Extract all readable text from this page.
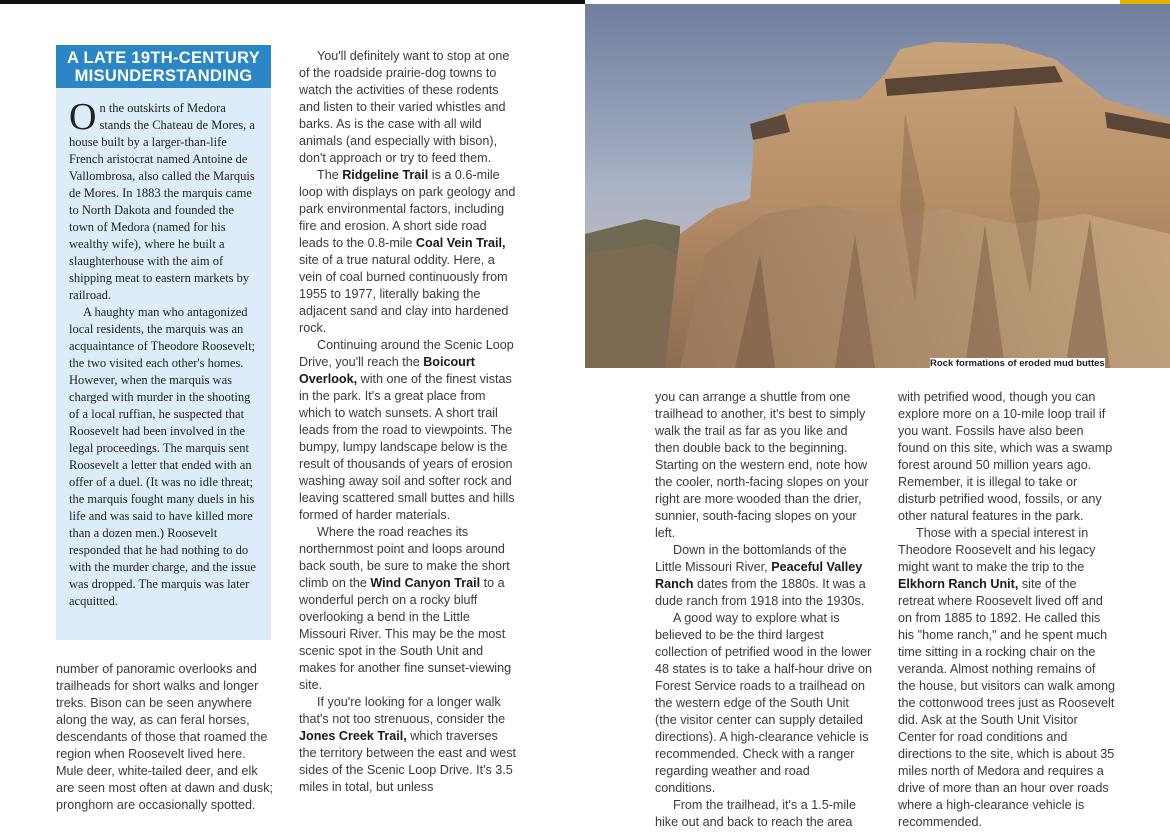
A LATE 19TH-CENTURY
MISUNDERSTANDING

On the outskirts of Medora stands the Chateau de Mores, a house built by a larger-than-life French aristocrat named Antoine de Vallombrosa, also called the Marquis de Mores. In 1883 the marquis came to North Dakota and founded the town of Medora (named for his wealthy wife), where he built a slaughterhouse with the aim of shipping meat to eastern markets by railroad.

A haughty man who antagonized local residents, the marquis was an acquaintance of Theodore Roosevelt; the two visited each other's homes. However, when the marquis was charged with murder in the shooting of a local ruffian, he suspected that Roosevelt had been involved in the legal proceedings. The marquis sent Roosevelt a letter that ended with an offer of a duel. (It was no idle threat; the marquis fought many duels in his life and was said to have killed more than a dozen men.) Roosevelt responded that he had nothing to do with the murder charge, and the issue was dropped. The marquis was later acquitted.

number of panoramic overlooks and trailheads for short walks and longer treks. Bison can be seen anywhere along the way, as can feral horses, descendants of those that roamed the region when Roosevelt lived here. Mule deer, white-tailed deer, and elk are seen most often at dawn and dusk; pronghorn are occasionally spotted.

You'll definitely want to stop at one of the roadside prairie-dog towns to watch the activities of these rodents and listen to their varied whistles and barks. As is the case with all wild animals (and especially with bison), don't approach or try to feed them.

The Ridgeline Trail is a 0.6-mile loop with displays on park geology and park environmental factors, including fire and erosion. A short side road leads to the 0.8-mile Coal Vein Trail, site of a true natural oddity. Here, a vein of coal burned continuously from 1955 to 1977, literally baking the adjacent sand and clay into hardened rock.

Continuing around the Scenic Loop Drive, you'll reach the Boicourt Overlook, with one of the finest vistas in the park. It's a great place from which to watch sunsets. A short trail leads from the road to viewpoints. The bumpy, lumpy landscape below is the result of thousands of years of erosion washing away soil and softer rock and leaving scattered small buttes and hills formed of harder materials.

Where the road reaches its northernmost point and loops around back south, be sure to make the short climb on the Wind Canyon Trail to a wonderful perch on a rocky bluff overlooking a bend in the Little Missouri River. This may be the most scenic spot in the South Unit and makes for another fine sunset-viewing site.

If you're looking for a longer walk that's not too strenuous, consider the Jones Creek Trail, which traverses the territory between the east and west sides of the Scenic Loop Drive. It's 3.5 miles in total, but unless

Rock formations of eroded mud buttes

you can arrange a shuttle from one trailhead to another, it's best to simply walk the trail as far as you like and then double back to the beginning. Starting on the western end, note how the cooler, north-facing slopes on your right are more wooded than the drier, sunnier, south-facing slopes on your left.

Down in the bottomlands of the Little Missouri River, Peaceful Valley Ranch dates from the 1880s. It was a dude ranch from 1918 into the 1930s.

A good way to explore what is believed to be the third largest collection of petrified wood in the lower 48 states is to take a half-hour drive on Forest Service roads to a trailhead on the western edge of the South Unit (the visitor center can supply detailed directions). A high-clearance vehicle is recommended. Check with a ranger regarding weather and road conditions.

From the trailhead, it's a 1.5-mile hike out and back to reach the area

with petrified wood, though you can explore more on a 10-mile loop trail if you want. Fossils have also been found on this site, which was a swamp forest around 50 million years ago. Remember, it is illegal to take or disturb petrified wood, fossils, or any other natural features in the park.

Those with a special interest in Theodore Roosevelt and his legacy might want to make the trip to the Elkhorn Ranch Unit, site of the retreat where Roosevelt lived off and on from 1885 to 1892. He called this his "home ranch," and he spent much time sitting in a rocking chair on the veranda. Almost nothing remains of the house, but visitors can walk among the cottonwood trees just as Roosevelt did. Ask at the South Unit Visitor Center for road conditions and directions to the site, which is about 35 miles north of Medora and requires a drive of more than an hour over roads where a high-clearance vehicle is recommended.
